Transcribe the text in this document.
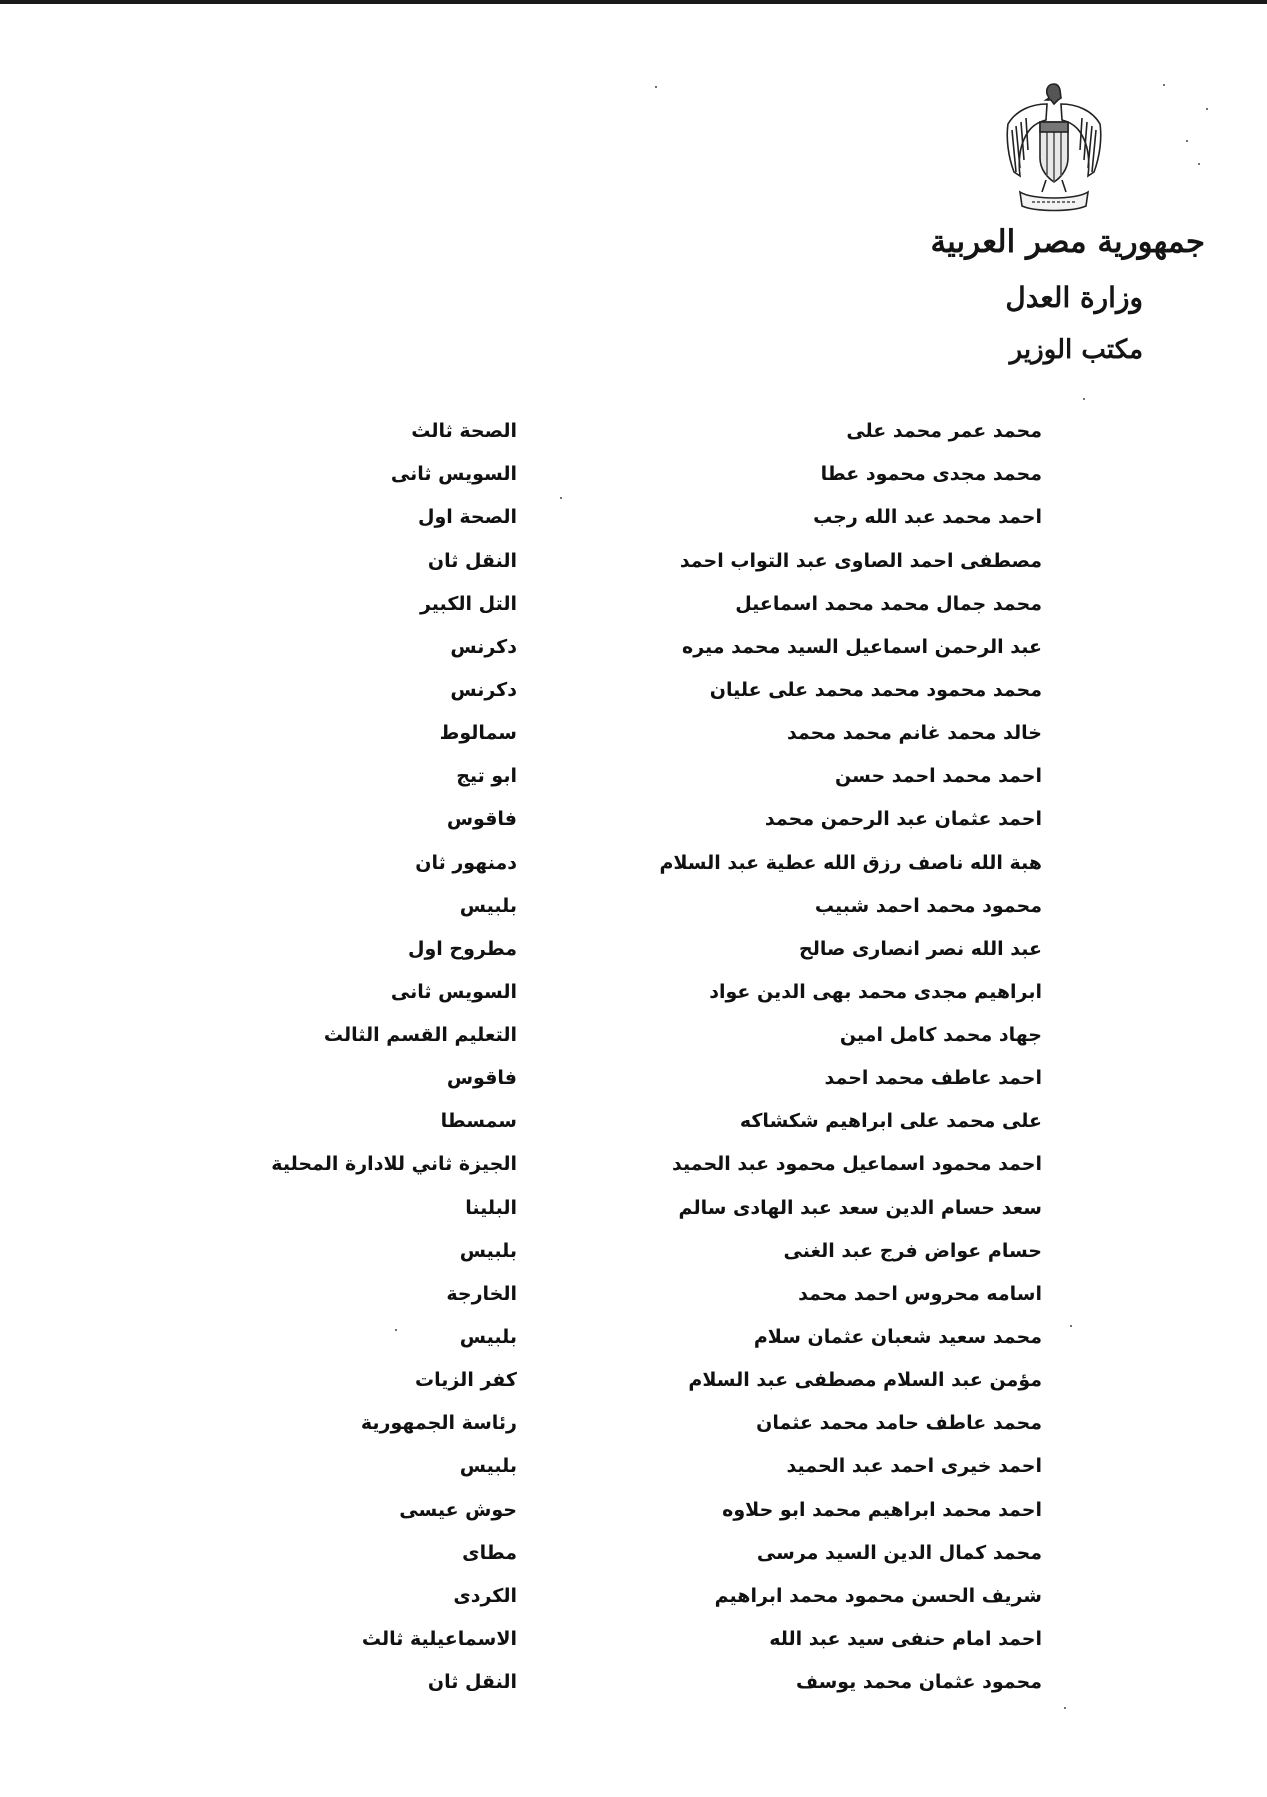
جمهورية مصر العربية
وزارة العدل
مكتب الوزير
محمد عمر محمد على
الصحة ثالث
محمد مجدى محمود عطا
السويس ثانى
احمد محمد عبد الله رجب
الصحة اول
مصطفى احمد الصاوى عبد التواب احمد
النقل ثان
محمد جمال محمد محمد اسماعيل
التل الكبير
عبد الرحمن اسماعيل السيد محمد ميره
دكرنس
محمد محمود محمد محمد على عليان
دكرنس
خالد محمد غانم محمد محمد
سمالوط
احمد محمد احمد حسن
ابو تيج
احمد عثمان عبد الرحمن محمد
فاقوس
هبة الله ناصف رزق الله عطية عبد السلام
دمنهور ثان
محمود محمد احمد شبيب
بلبيس
عبد الله نصر انصارى صالح
مطروح اول
ابراهيم مجدى محمد بهى الدين عواد
السويس ثانى
جهاد محمد كامل امين
التعليم القسم الثالث
احمد عاطف محمد احمد
فاقوس
على محمد على ابراهيم شكشاكه
سمسطا
احمد محمود اسماعيل محمود عبد الحميد
الجيزة ثاني للادارة المحلية
سعد حسام الدين سعد عبد الهادى سالم
البلينا
حسام عواض فرج عبد الغنى
بلبيس
اسامه محروس احمد محمد
الخارجة
محمد سعيد شعبان عثمان سلام
بلبيس
مؤمن عبد السلام مصطفى عبد السلام
كفر الزيات
محمد عاطف حامد محمد عثمان
رئاسة الجمهورية
احمد خيرى احمد عبد الحميد
بلبيس
احمد محمد ابراهيم محمد ابو حلاوه
حوش عيسى
محمد كمال الدين السيد مرسى
مطاى
شريف الحسن محمود محمد ابراهيم
الكردى
احمد امام حنفى سيد عبد الله
الاسماعيلية ثالث
محمود عثمان محمد يوسف
النقل ثان
